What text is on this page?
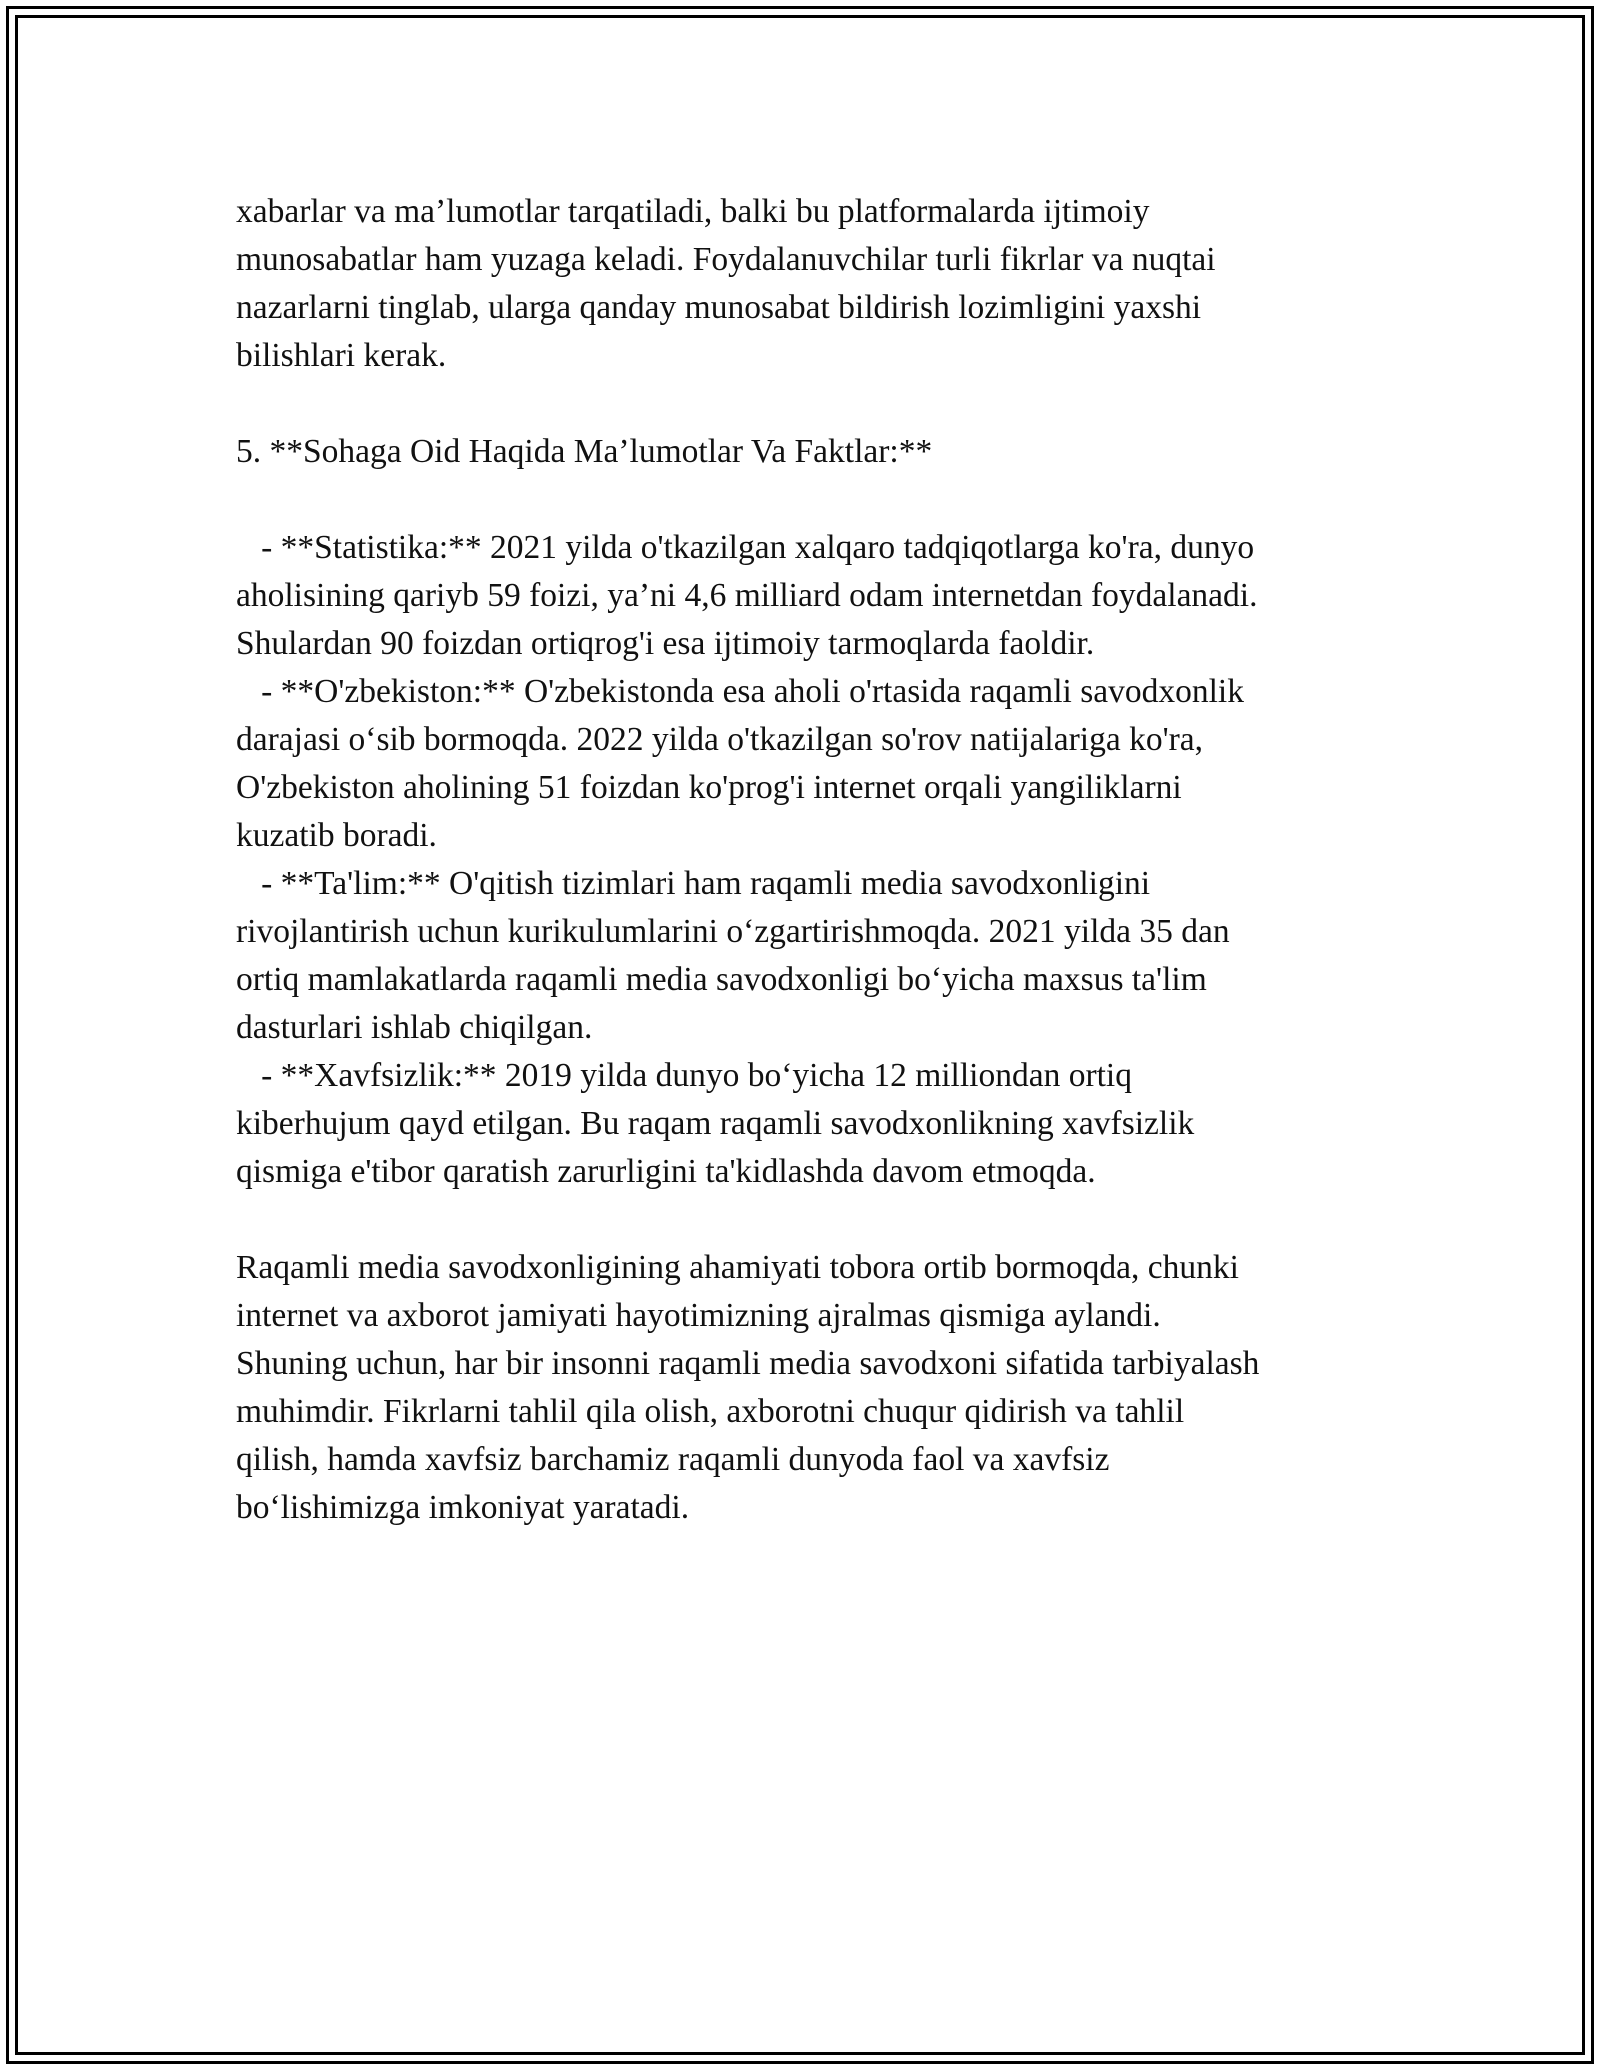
xabarlar va ma’lumotlar tarqatiladi, balki bu platformalarda ijtimoiy
munosabatlar ham yuzaga keladi. Foydalanuvchilar turli fikrlar va nuqtai
nazarlarni tinglab, ularga qanday munosabat bildirish lozimligini yaxshi
bilishlari kerak.
5. **Sohaga Oid Haqida Ma’lumotlar Va Faktlar:**
- **Statistika:** 2021 yilda o'tkazilgan xalqaro tadqiqotlarga ko'ra, dunyo
aholisining qariyb 59 foizi, ya’ni 4,6 milliard odam internetdan foydalanadi.
Shulardan 90 foizdan ortiqrog'i esa ijtimoiy tarmoqlarda faoldir.
- **O'zbekiston:** O'zbekistonda esa aholi o'rtasida raqamli savodxonlik
darajasi o‘sib bormoqda. 2022 yilda o'tkazilgan so'rov natijalariga ko'ra,
O'zbekiston aholining 51 foizdan ko'prog'i internet orqali yangiliklarni
kuzatib boradi.
- **Ta'lim:** O'qitish tizimlari ham raqamli media savodxonligini
rivojlantirish uchun kurikulumlarini o‘zgartirishmoqda. 2021 yilda 35 dan
ortiq mamlakatlarda raqamli media savodxonligi bo‘yicha maxsus ta'lim
dasturlari ishlab chiqilgan.
- **Xavfsizlik:** 2019 yilda dunyo bo‘yicha 12 milliondan ortiq
kiberhujum qayd etilgan. Bu raqam raqamli savodxonlikning xavfsizlik
qismiga e'tibor qaratish zarurligini ta'kidlashda davom etmoqda.
Raqamli media savodxonligining ahamiyati tobora ortib bormoqda, chunki
internet va axborot jamiyati hayotimizning ajralmas qismiga aylandi.
Shuning uchun, har bir insonni raqamli media savodxoni sifatida tarbiyalash
muhimdir. Fikrlarni tahlil qila olish, axborotni chuqur qidirish va tahlil
qilish, hamda xavfsiz barchamiz raqamli dunyoda faol va xavfsiz
bo‘lishimizga imkoniyat yaratadi.
